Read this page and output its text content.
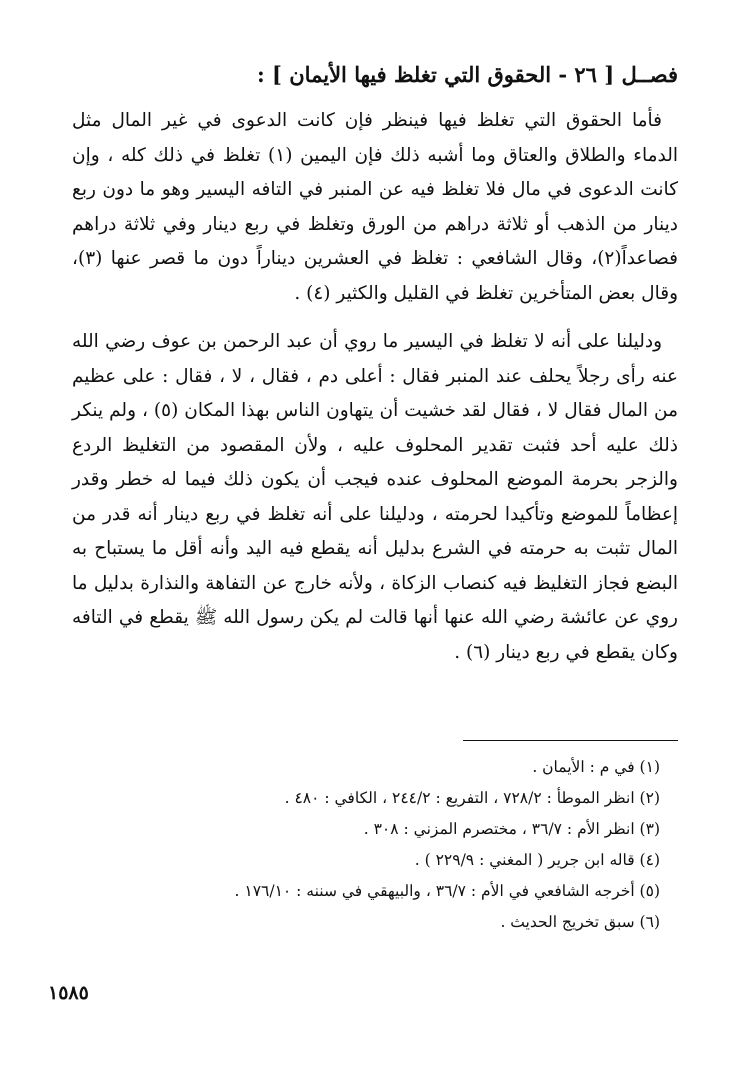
فصــل [ ٢٦ - الحقوق التي تغلظ فيها الأيمان ] :

فأما الحقوق التي تغلظ فيها فينظر فإن كانت الدعوى في غير المال مثل الدماء والطلاق والعتاق وما أشبه ذلك فإن اليمين (١) تغلظ في ذلك كله ، وإن كانت الدعوى في مال فلا تغلظ فيه عن المنبر في التافه اليسير وهو ما دون ربع دينار من الذهب أو ثلاثة دراهم من الورق وتغلظ في ربع دينار وفي ثلاثة دراهم فصاعداً(٢)، وقال الشافعي : تغلظ في العشرين ديناراً دون ما قصر عنها (٣)، وقال بعض المتأخرين تغلظ في القليل والكثير (٤) .

ودليلنا على أنه لا تغلظ في اليسير ما روي أن عبد الرحمن بن عوف رضي الله عنه رأى رجلاً يحلف عند المنبر فقال : أعلى دم ، فقال ، لا ، فقال : على عظيم من المال فقال لا ، فقال لقد خشيت أن يتهاون الناس بهذا المكان (٥) ، ولم ينكر ذلك عليه أحد فثبت تقدير المحلوف عليه ، ولأن المقصود من التغليظ الردع والزجر بحرمة الموضع المحلوف عنده فيجب أن يكون ذلك فيما له خطر وقدر إعظاماً للموضع وتأكيدا لحرمته ، ودليلنا على أنه تغلظ في ربع دينار أنه قدر من المال تثبت به حرمته في الشرع بدليل أنه يقطع فيه اليد وأنه أقل ما يستباح به البضع فجاز التغليظ فيه كنصاب الزكاة ، ولأنه خارج عن التفاهة والنذارة بدليل ما روي عن عائشة رضي الله عنها أنها قالت لم يكن رسول الله ﷺ يقطع في التافه وكان يقطع في ربع دينار (٦) .

(١) في م : الأيمان .
(٢) انظر الموطأ : ٧٢٨/٢ ، التفريع : ٢٤٤/٢ ، الكافي : ٤٨٠ .
(٣) انظر الأم : ٣٦/٧ ، مختصرم المزني : ٣٠٨ .
(٤) قاله ابن جرير ( المغني : ٢٢٩/٩ ) .
(٥) أخرجه الشافعي في الأم : ٣٦/٧ ، والبيهقي في سننه : ١٧٦/١٠ .
(٦) سبق تخريج الحديث .
١٥٨٥
